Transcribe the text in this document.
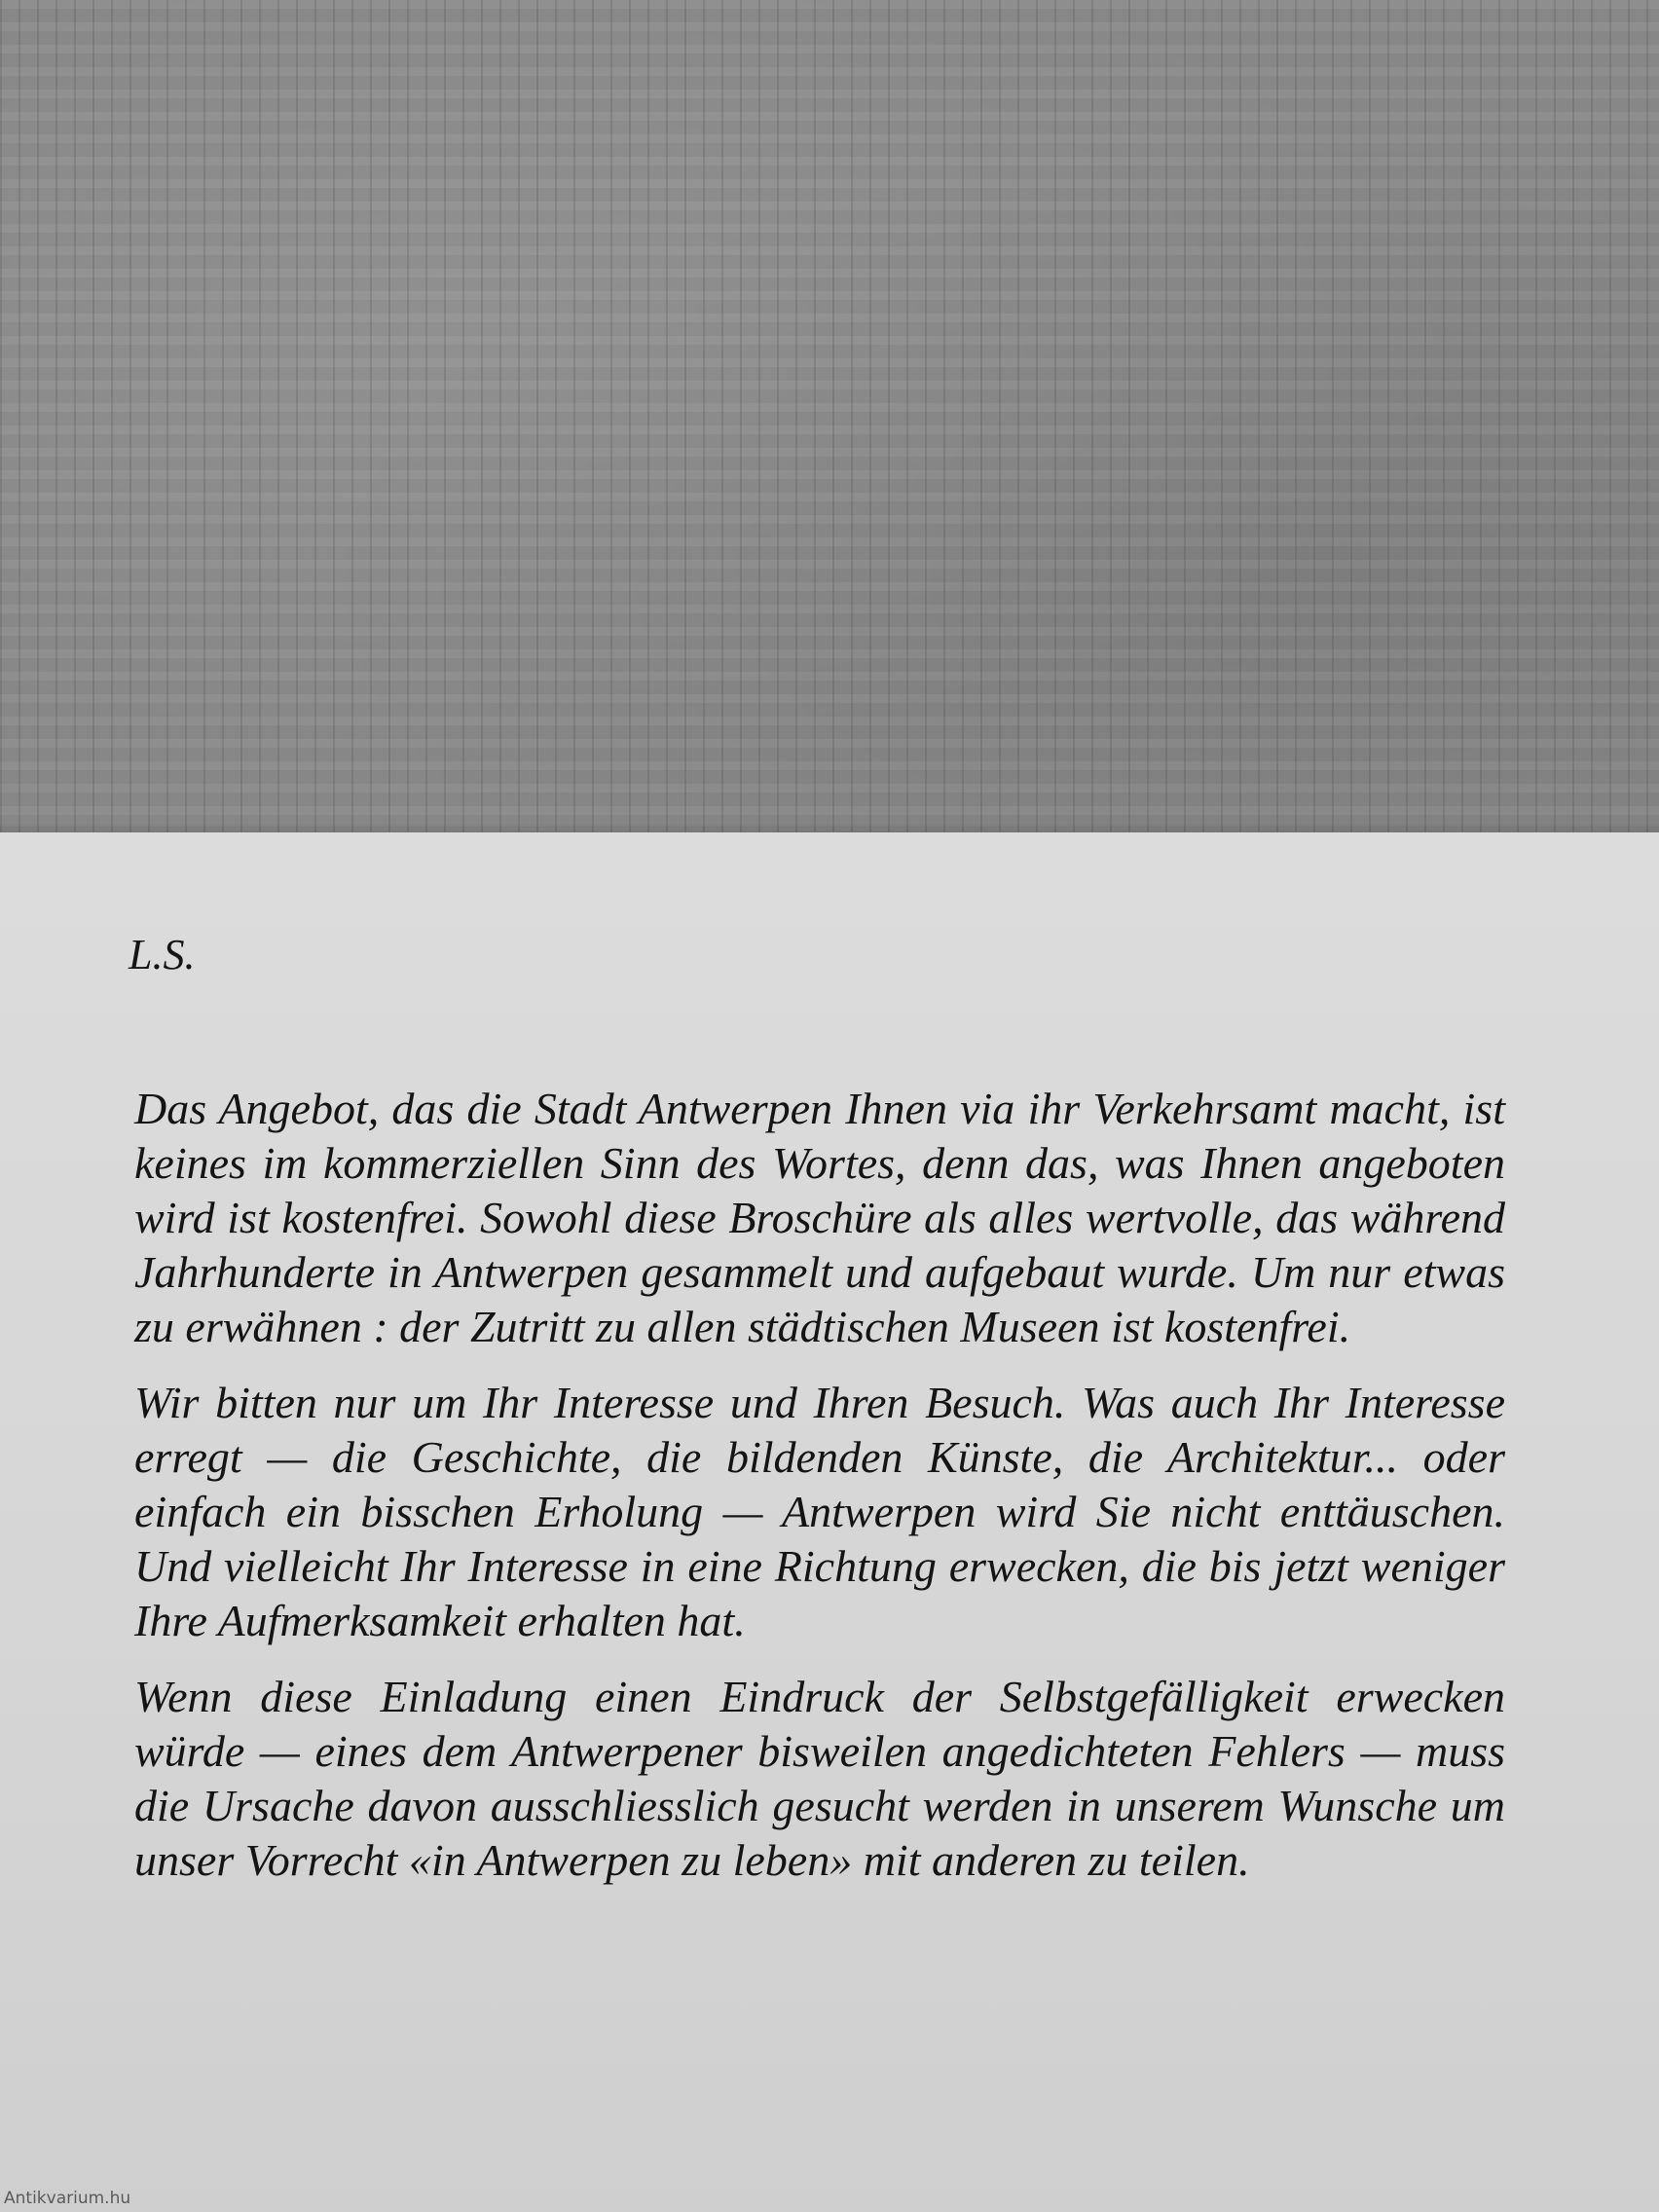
L.S.

Das Angebot, das die Stadt Antwerpen Ihnen via ihr Verkehrsamt macht, ist keines im kommerziellen Sinn des Wortes, denn das, was Ihnen angeboten wird ist kostenfrei. Sowohl diese Broschüre als alles wertvolle, das während Jahrhunderte in Antwerpen gesammelt und aufgebaut wurde. Um nur etwas zu erwähnen : der Zutritt zu allen städtischen Museen ist kostenfrei.

Wir bitten nur um Ihr Interesse und Ihren Besuch. Was auch Ihr Interesse erregt — die Geschichte, die bildenden Künste, die Architektur... oder einfach ein bisschen Erholung — Antwerpen wird Sie nicht enttäuschen. Und vielleicht Ihr Interesse in eine Richtung erwecken, die bis jetzt weniger Ihre Aufmerksamkeit erhalten hat.

Wenn diese Einladung einen Eindruck der Selbstgefälligkeit erwecken würde — eines dem Antwerpener bisweilen angedichteten Fehlers — muss die Ursache davon ausschliesslich gesucht werden in unserem Wunsche um unser Vorrecht «in Antwerpen zu leben» mit anderen zu teilen.

Antikvarium.hu
